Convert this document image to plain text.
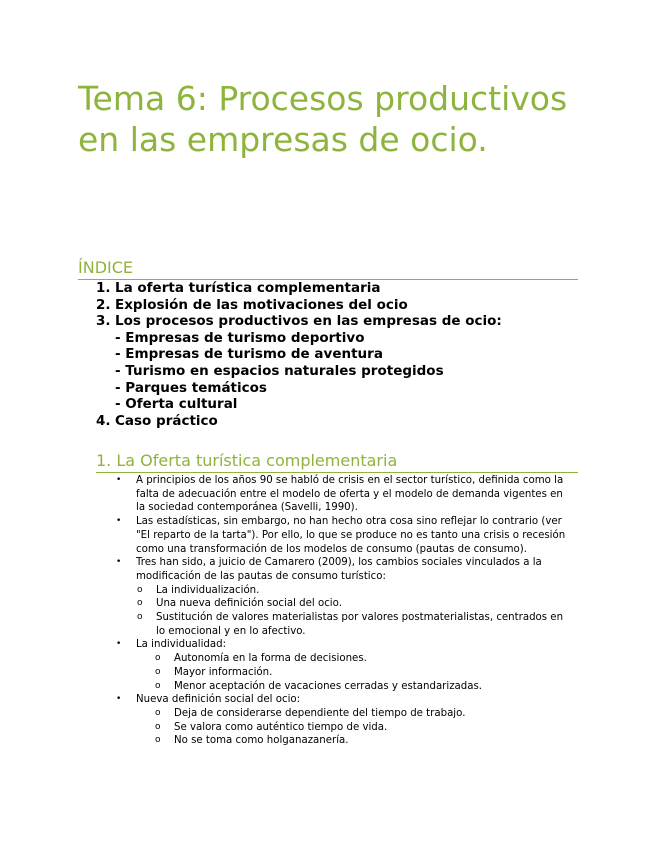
Tema 6: Procesos productivos en las empresas de ocio.
ÍNDICE
1. La oferta turística complementaria
2. Explosión de las motivaciones del ocio
3. Los procesos productivos en las empresas de ocio:
- Empresas de turismo deportivo
- Empresas de turismo de aventura
- Turismo en espacios naturales protegidos
- Parques temáticos
- Oferta cultural
4. Caso práctico
1. La Oferta turística complementaria
• A principios de los años 90 se habló de crisis en el sector turístico, definida como la falta de adecuación entre el modelo de oferta y el modelo de demanda vigentes en la sociedad contemporánea (Savelli, 1990).
• Las estadísticas, sin embargo, no han hecho otra cosa sino reflejar lo contrario (ver "El reparto de la tarta"). Por ello, lo que se produce no es tanto una crisis o recesión como una transformación de los modelos de consumo (pautas de consumo).
• Tres han sido, a juicio de Camarero (2009), los cambios sociales vinculados a la modificación de las pautas de consumo turístico:
o La individualización.
o Una nueva definición social del ocio.
o Sustitución de valores materialistas por valores postmaterialistas, centrados en lo emocional y en lo afectivo.
• La individualidad:
o Autonomía en la forma de decisiones.
o Mayor información.
o Menor aceptación de vacaciones cerradas y estandarizadas.
• Nueva definición social del ocio:
o Deja de considerarse dependiente del tiempo de trabajo.
o Se valora como auténtico tiempo de vida.
o No se toma como holganazanería.
